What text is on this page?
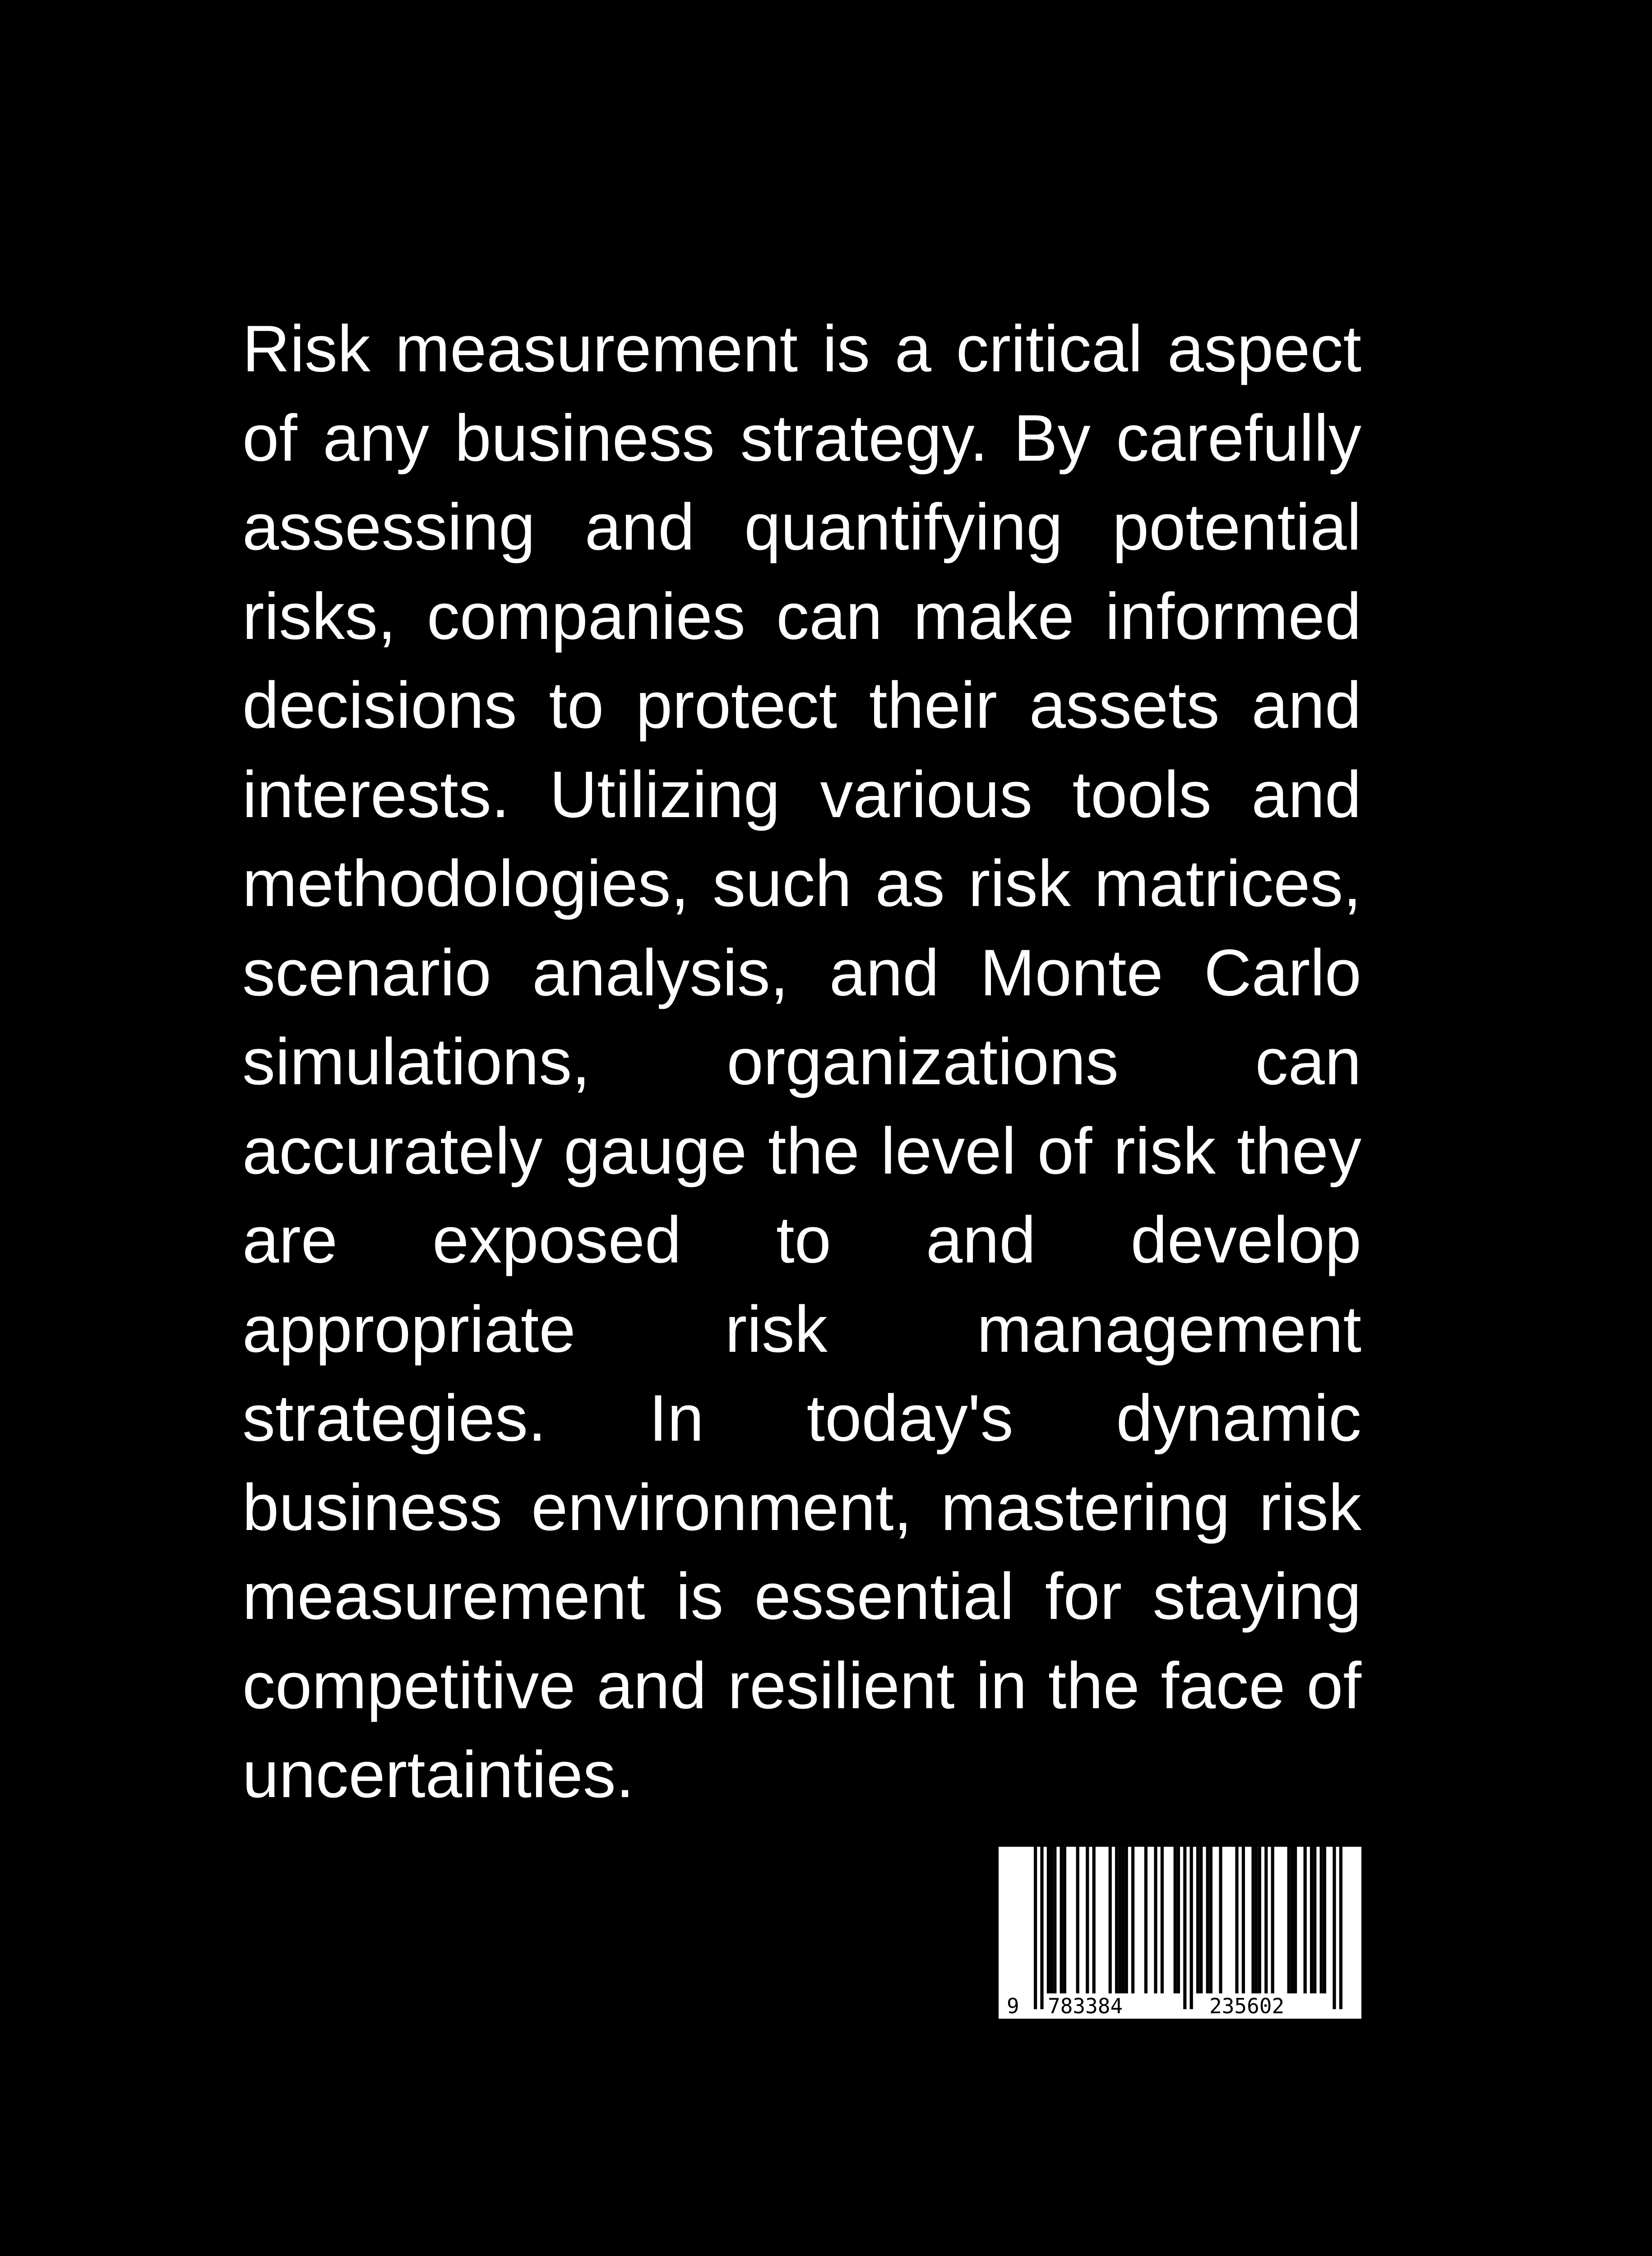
Risk measurement is a critical aspect of any business strategy. By carefully assessing and quantifying potential risks, companies can make informed decisions to protect their assets and interests. Utilizing various tools and methodologies, such as risk matrices, scenario analysis, and Monte Carlo simulations, organizations can accurately gauge the level of risk they are exposed to and develop appropriate risk management strategies. In today's dynamic business environment, mastering risk measurement is essential for staying competitive and resilient in the face of uncertainties.

9 783384	235602
